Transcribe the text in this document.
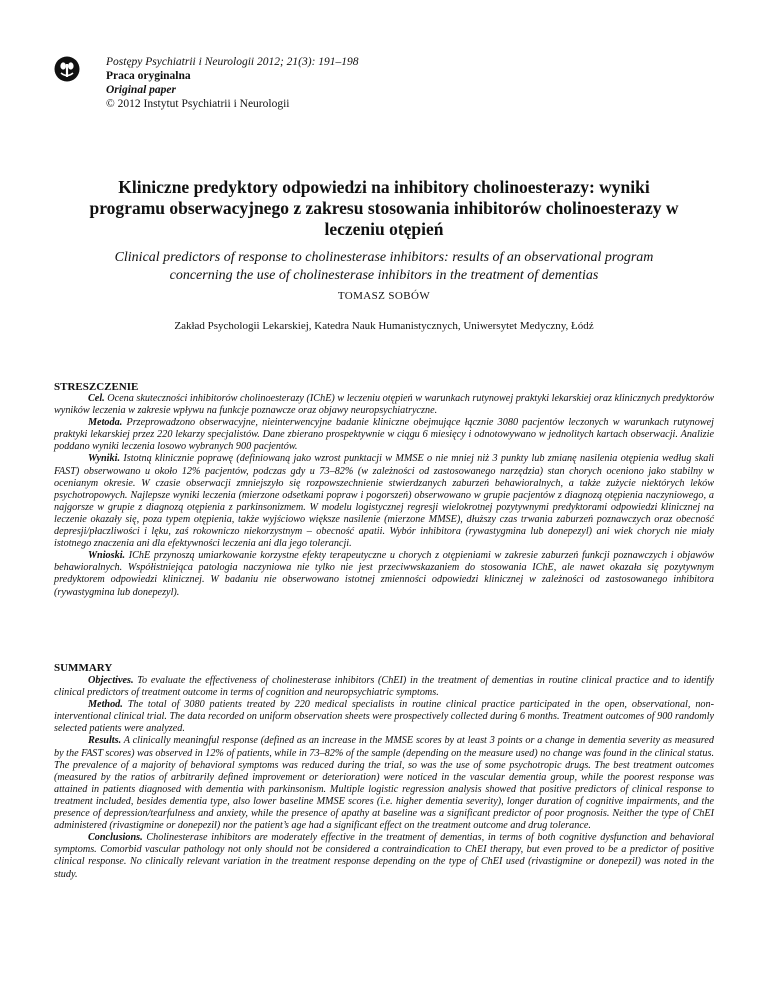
Postępy Psychiatrii i Neurologii 2012; 21(3): 191–198
Praca oryginalna
Original paper
© 2012 Instytut Psychiatrii i Neurologii
Kliniczne predyktory odpowiedzi na inhibitory cholinoesterazy: wyniki programu obserwacyjnego z zakresu stosowania inhibitorów cholinoesterazy w leczeniu otępień
Clinical predictors of response to cholinesterase inhibitors: results of an observational program concerning the use of cholinesterase inhibitors in the treatment of dementias
TOMASZ SOBÓW
Zakład Psychologii Lekarskiej, Katedra Nauk Humanistycznych, Uniwersytet Medyczny, Łódź
STRESZCZENIE

Cel. Ocena skuteczności inhibitorów cholinoesterazy (IChE) w leczeniu otępień w warunkach rutynowej praktyki lekarskiej oraz klinicznych predyktorów wyników leczenia w zakresie wpływu na funkcje poznawcze oraz objawy neuropsychiatryczne.

Metoda. Przeprowadzono obserwacyjne, nieinterwencyjne badanie kliniczne obejmujące łącznie 3080 pacjentów leczonych w warunkach rutynowej praktyki lekarskiej przez 220 lekarzy specjalistów. Dane zbierano prospektywnie w ciągu 6 miesięcy i odnotowywano w jednolitych kartach obserwacji. Analizie poddano wyniki leczenia losowo wybranych 900 pacjentów.

Wyniki. Istotną klinicznie poprawę (definiowaną jako wzrost punktacji w MMSE o nie mniej niż 3 punkty lub zmianę nasilenia otępienia według skali FAST) obserwowano u około 12% pacjentów, podczas gdy u 73–82% (w zależności od zastosowanego narzędzia) stan chorych oceniono jako stabilny w ocenianym okresie. W czasie obserwacji zmniejszyło się rozpowszechnienie stwierdzanych zaburzeń behawioralnych, a także zużycie niektórych leków psychotropowych. Najlepsze wyniki leczenia (mierzone odsetkami popraw i pogorszeń) obserwowano w grupie pacjentów z diagnozą otępienia naczyniowego, a najgorsze w grupie z diagnozą otępienia z parkinsonizmem. W modelu logistycznej regresji wielokrotnej pozytywnymi predyktorami odpowiedzi klinicznej na leczenie okazały się, poza typem otępienia, także wyjściowo większe nasilenie (mierzone MMSE), dłuższy czas trwania zaburzeń poznawczych oraz obecność depresji/płaczliwości i lęku, zaś rokowniczo niekorzystnym – obecność apatii. Wybór inhibitora (rywastygmina lub donepezyl) ani wiek chorych nie miały istotnego znaczenia ani dla efektywności leczenia ani dla jego tolerancji.

Wnioski. IChE przynoszą umiarkowanie korzystne efekty terapeutyczne u chorych z otępieniami w zakresie zaburzeń funkcji poznawczych i objawów behawioralnych. Współistniejąca patologia naczyniowa nie tylko nie jest przeciwwskazaniem do stosowania IChE, ale nawet okazała się pozytywnym predyktorem odpowiedzi klinicznej. W badaniu nie obserwowano istotnej zmienności odpowiedzi klinicznej w zależności od zastosowanego inhibitora (rywastygmina lub donepezyl).

SUMMARY

Objectives. To evaluate the effectiveness of cholinesterase inhibitors (ChEI) in the treatment of dementias in routine clinical practice and to identify clinical predictors of treatment outcome in terms of cognition and neuropsychiatric symptoms.

Method. The total of 3080 patients treated by 220 medical specialists in routine clinical practice participated in the open, observational, non-interventional clinical trial. The data recorded on uniform observation sheets were prospectively collected during 6 months. Treatment outcomes of 900 randomly selected patients were analyzed.

Results. A clinically meaningful response (defined as an increase in the MMSE scores by at least 3 points or a change in dementia severity as measured by the FAST scores) was observed in 12% of patients, while in 73–82% of the sample (depending on the measure used) no change was found in the clinical status. The prevalence of a majority of behavioral symptoms was reduced during the trial, so was the use of some psychotropic drugs. The best treatment outcomes (measured by the ratios of arbitrarily defined improvement or deterioration) were noticed in the vascular dementia group, while the poorest response was attained in patients diagnosed with dementia with parkinsonism. Multiple logistic regression analysis showed that positive predictors of clinical response to treatment included, besides dementia type, also lower baseline MMSE scores (i.e. higher dementia severity), longer duration of cognitive impairments, and the presence of depression/tearfulness and anxiety, while the presence of apathy at baseline was a significant predictor of poor prognosis. Neither the type of ChEI administered (rivastigmine or donepezil) nor the patient’s age had a significant effect on the treatment outcome and drug tolerance.

Conclusions. Cholinesterase inhibitors are moderately effective in the treatment of dementias, in terms of both cognitive dysfunction and behavioral symptoms. Comorbid vascular pathology not only should not be considered a contraindication to ChEI therapy, but even proved to be a predictor of positive clinical response. No clinically relevant variation in the treatment response depending on the type of ChEI used (rivastigmine or donepezil) was noted in the study.
